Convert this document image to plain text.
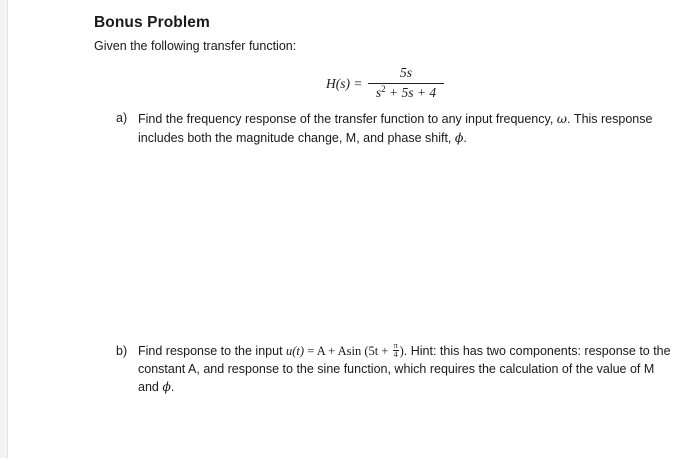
Bonus Problem
Given the following transfer function:
H(s) =
5s
$s^2 + 5s + 4$
a) Find the frequency response of the transfer function to any input frequency, ω. This response includes both the magnitude change, M, and phase shift, ϕ.
b) Find response to the input u(t) = A + Asin ($5t + \frac{\pi}{4}$ ). Hint: this has two components: response to the constant A, and response to the sine function, which requires the calculation of the value of M and ϕ.
